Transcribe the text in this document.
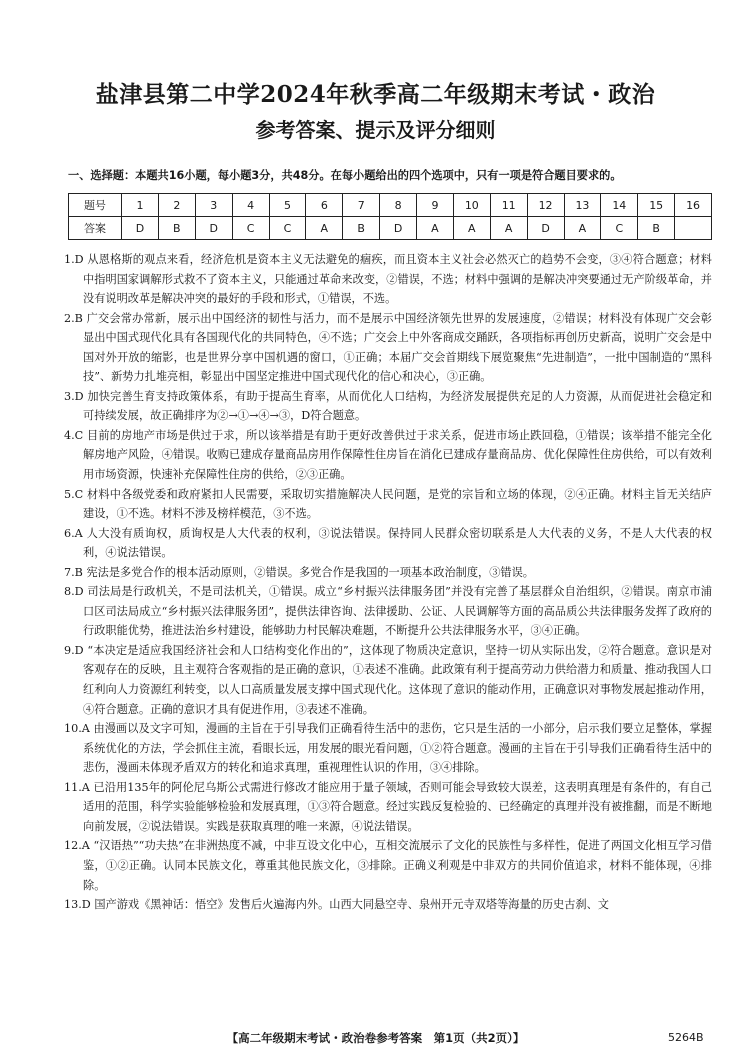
盐津县第二中学2024年秋季高二年级期末考试・政治
参考答案、提示及评分细则
一、选择题：本题共16小题，每小题3分，共48分。在每小题给出的四个选项中，只有一项是符合题目要求的。
题号	1	2	3	4	5	6	7	8	9	10	11	12	13	14	15	16
答案	D	B	D	C	C	A	B	D	A	A	A	D	A	C	B	

1.D 从恩格斯的观点来看，经济危机是资本主义无法避免的痼疾，而且资本主义社会必然灭亡的趋势不会变，③④符合题意；材料中指明国家调解形式救不了资本主义，只能通过革命来改变，②错误，不选；材料中强调的是解决冲突要通过无产阶级革命，并没有说明改革是解决冲突的最好的手段和形式，①错误，不选。

2.B 广交会常办常新，展示出中国经济的韧性与活力，而不是展示中国经济领先世界的发展速度，②错误；材料没有体现广交会彰显出中国式现代化具有各国现代化的共同特色，④不选；广交会上中外客商成交踊跃，各项指标再创历史新高，说明广交会是中国对外开放的缩影，也是世界分享中国机遇的窗口，①正确；本届广交会首期线下展览聚焦“先进制造”，一批中国制造的“黑科技”、新势力扎堆亮相，彰显出中国坚定推进中国式现代化的信心和决心，③正确。

3.D 加快完善生育支持政策体系，有助于提高生育率，从而优化人口结构，为经济发展提供充足的人力资源，从而促进社会稳定和可持续发展，故正确排序为②→①→④→③，D符合题意。

4.C 目前的房地产市场是供过于求，所以该举措是有助于更好改善供过于求关系，促进市场止跌回稳，①错误；该举措不能完全化解房地产风险，④错误。收购已建成存量商品房用作保障性住房旨在消化已建成存量商品房、优化保障性住房供给，可以有效利用市场资源，快速补充保障性住房的供给，②③正确。

5.C 材料中各级党委和政府紧扣人民需要，采取切实措施解决人民问题，是党的宗旨和立场的体现，②④正确。材料主旨无关结庐建设，①不选。材料不涉及榜样模范，③不选。

6.A 人大没有质询权，质询权是人大代表的权利，③说法错误。保持同人民群众密切联系是人大代表的义务，不是人大代表的权利，④说法错误。

7.B 宪法是多党合作的根本活动原则，②错误。多党合作是我国的一项基本政治制度，③错误。

8.D 司法局是行政机关，不是司法机关，①错误。成立“乡村振兴法律服务团”并没有完善了基层群众自治组织，②错误。南京市浦口区司法局成立“乡村振兴法律服务团”，提供法律咨询、法律援助、公证、人民调解等方面的高品质公共法律服务发挥了政府的行政职能优势，推进法治乡村建设，能够助力村民解决难题，不断提升公共法律服务水平，③④正确。

9.D “本决定是适应我国经济社会和人口结构变化作出的”，这体现了物质决定意识，坚持一切从实际出发，②符合题意。意识是对客观存在的反映，且主观符合客观指的是正确的意识，①表述不准确。此政策有利于提高劳动力供给潜力和质量、推动我国人口红利向人力资源红利转变，以人口高质量发展支撑中国式现代化。这体现了意识的能动作用，正确意识对事物发展起推动作用，④符合题意。正确的意识才具有促进作用，③表述不准确。

10.A 由漫画以及文字可知，漫画的主旨在于引导我们正确看待生活中的悲伤，它只是生活的一小部分，启示我们要立足整体，掌握系统优化的方法，学会抓住主流，看眼长远，用发展的眼光看问题，①②符合题意。漫画的主旨在于引导我们正确看待生活中的悲伤，漫画未体现矛盾双方的转化和追求真理，重视理性认识的作用，③④排除。

11.A 已沿用135年的阿伦尼乌斯公式需进行修改才能应用于量子领域，否则可能会导致较大误差，这表明真理是有条件的，有自己适用的范围，科学实验能够检验和发展真理，①③符合题意。经过实践反复检验的、已经确定的真理并没有被推翻，而是不断地向前发展，②说法错误。实践是获取真理的唯一来源，④说法错误。

12.A “汉语热”“功夫热”在非洲热度不减，中非互设文化中心，互相交流展示了文化的民族性与多样性，促进了两国文化相互学习借鉴，①②正确。认同本民族文化，尊重其他民族文化，③排除。正确义利观是中非双方的共同价值追求，材料不能体现，④排除。

13.D 国产游戏《黑神话：悟空》发售后火遍海内外。山西大同悬空寺、泉州开元寺双塔等海量的历史古刹、文

【高二年级期末考试・政治卷参考答案　第1页（共2页）】	5264B
